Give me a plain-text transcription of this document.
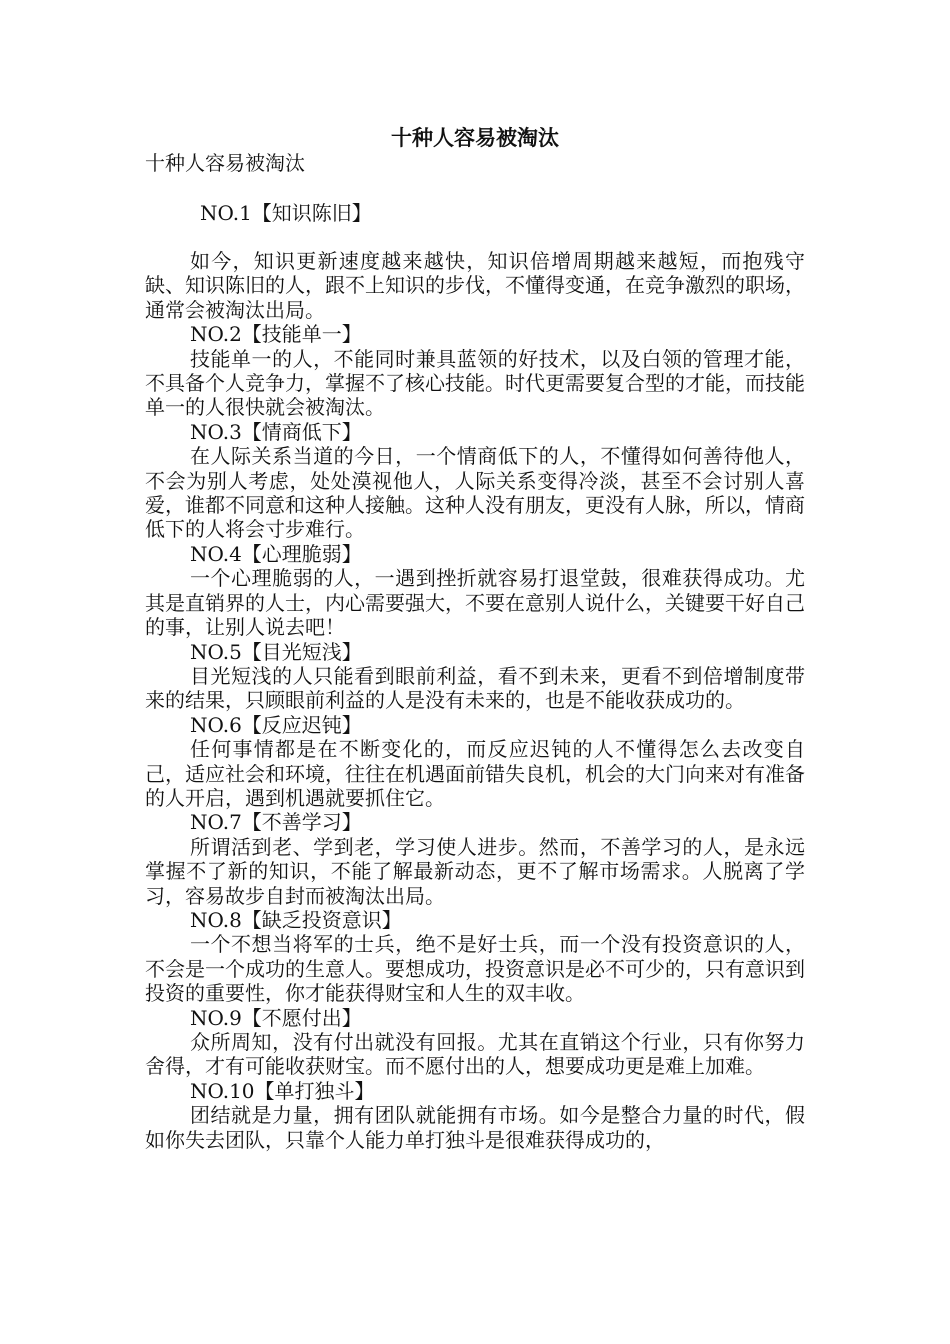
十种人容易被淘汰
十种人容易被淘汰
NO.1【知识陈旧】
如今，知识更新速度越来越快，知识倍增周期越来越短，而抱残守缺、知识陈旧的人，跟不上知识的步伐，不懂得变通，在竞争激烈的职场，通常会被淘汰出局。
NO.2【技能单一】
技能单一的人，不能同时兼具蓝领的好技术，以及白领的管理才能，不具备个人竞争力，掌握不了核心技能。时代更需要复合型的才能，而技能单一的人很快就会被淘汰。
NO.3【情商低下】
在人际关系当道的今日，一个情商低下的人，不懂得如何善待他人，不会为别人考虑，处处漠视他人，人际关系变得冷淡，甚至不会讨别人喜爱，谁都不同意和这种人接触。这种人没有朋友，更没有人脉，所以，情商低下的人将会寸步难行。
NO.4【心理脆弱】
一个心理脆弱的人，一遇到挫折就容易打退堂鼓，很难获得成功。尤其是直销界的人士，内心需要强大，不要在意别人说什么，关键要干好自己的事，让别人说去吧！
NO.5【目光短浅】
目光短浅的人只能看到眼前利益，看不到未来，更看不到倍增制度带来的结果，只顾眼前利益的人是没有未来的，也是不能收获成功的。
NO.6【反应迟钝】
任何事情都是在不断变化的，而反应迟钝的人不懂得怎么去改变自己，适应社会和环境，往往在机遇面前错失良机，机会的大门向来对有准备的人开启，遇到机遇就要抓住它。
NO.7【不善学习】
所谓活到老、学到老，学习使人进步。然而，不善学习的人，是永远掌握不了新的知识，不能了解最新动态，更不了解市场需求。人脱离了学习，容易故步自封而被淘汰出局。
NO.8【缺乏投资意识】
一个不想当将军的士兵，绝不是好士兵，而一个没有投资意识的人，不会是一个成功的生意人。要想成功，投资意识是必不可少的，只有意识到投资的重要性，你才能获得财宝和人生的双丰收。
NO.9【不愿付出】
众所周知，没有付出就没有回报。尤其在直销这个行业，只有你努力舍得，才有可能收获财宝。而不愿付出的人，想要成功更是难上加难。
NO.10【单打独斗】
团结就是力量，拥有团队就能拥有市场。如今是整合力量的时代，假如你失去团队，只靠个人能力单打独斗是很难获得成功的，
